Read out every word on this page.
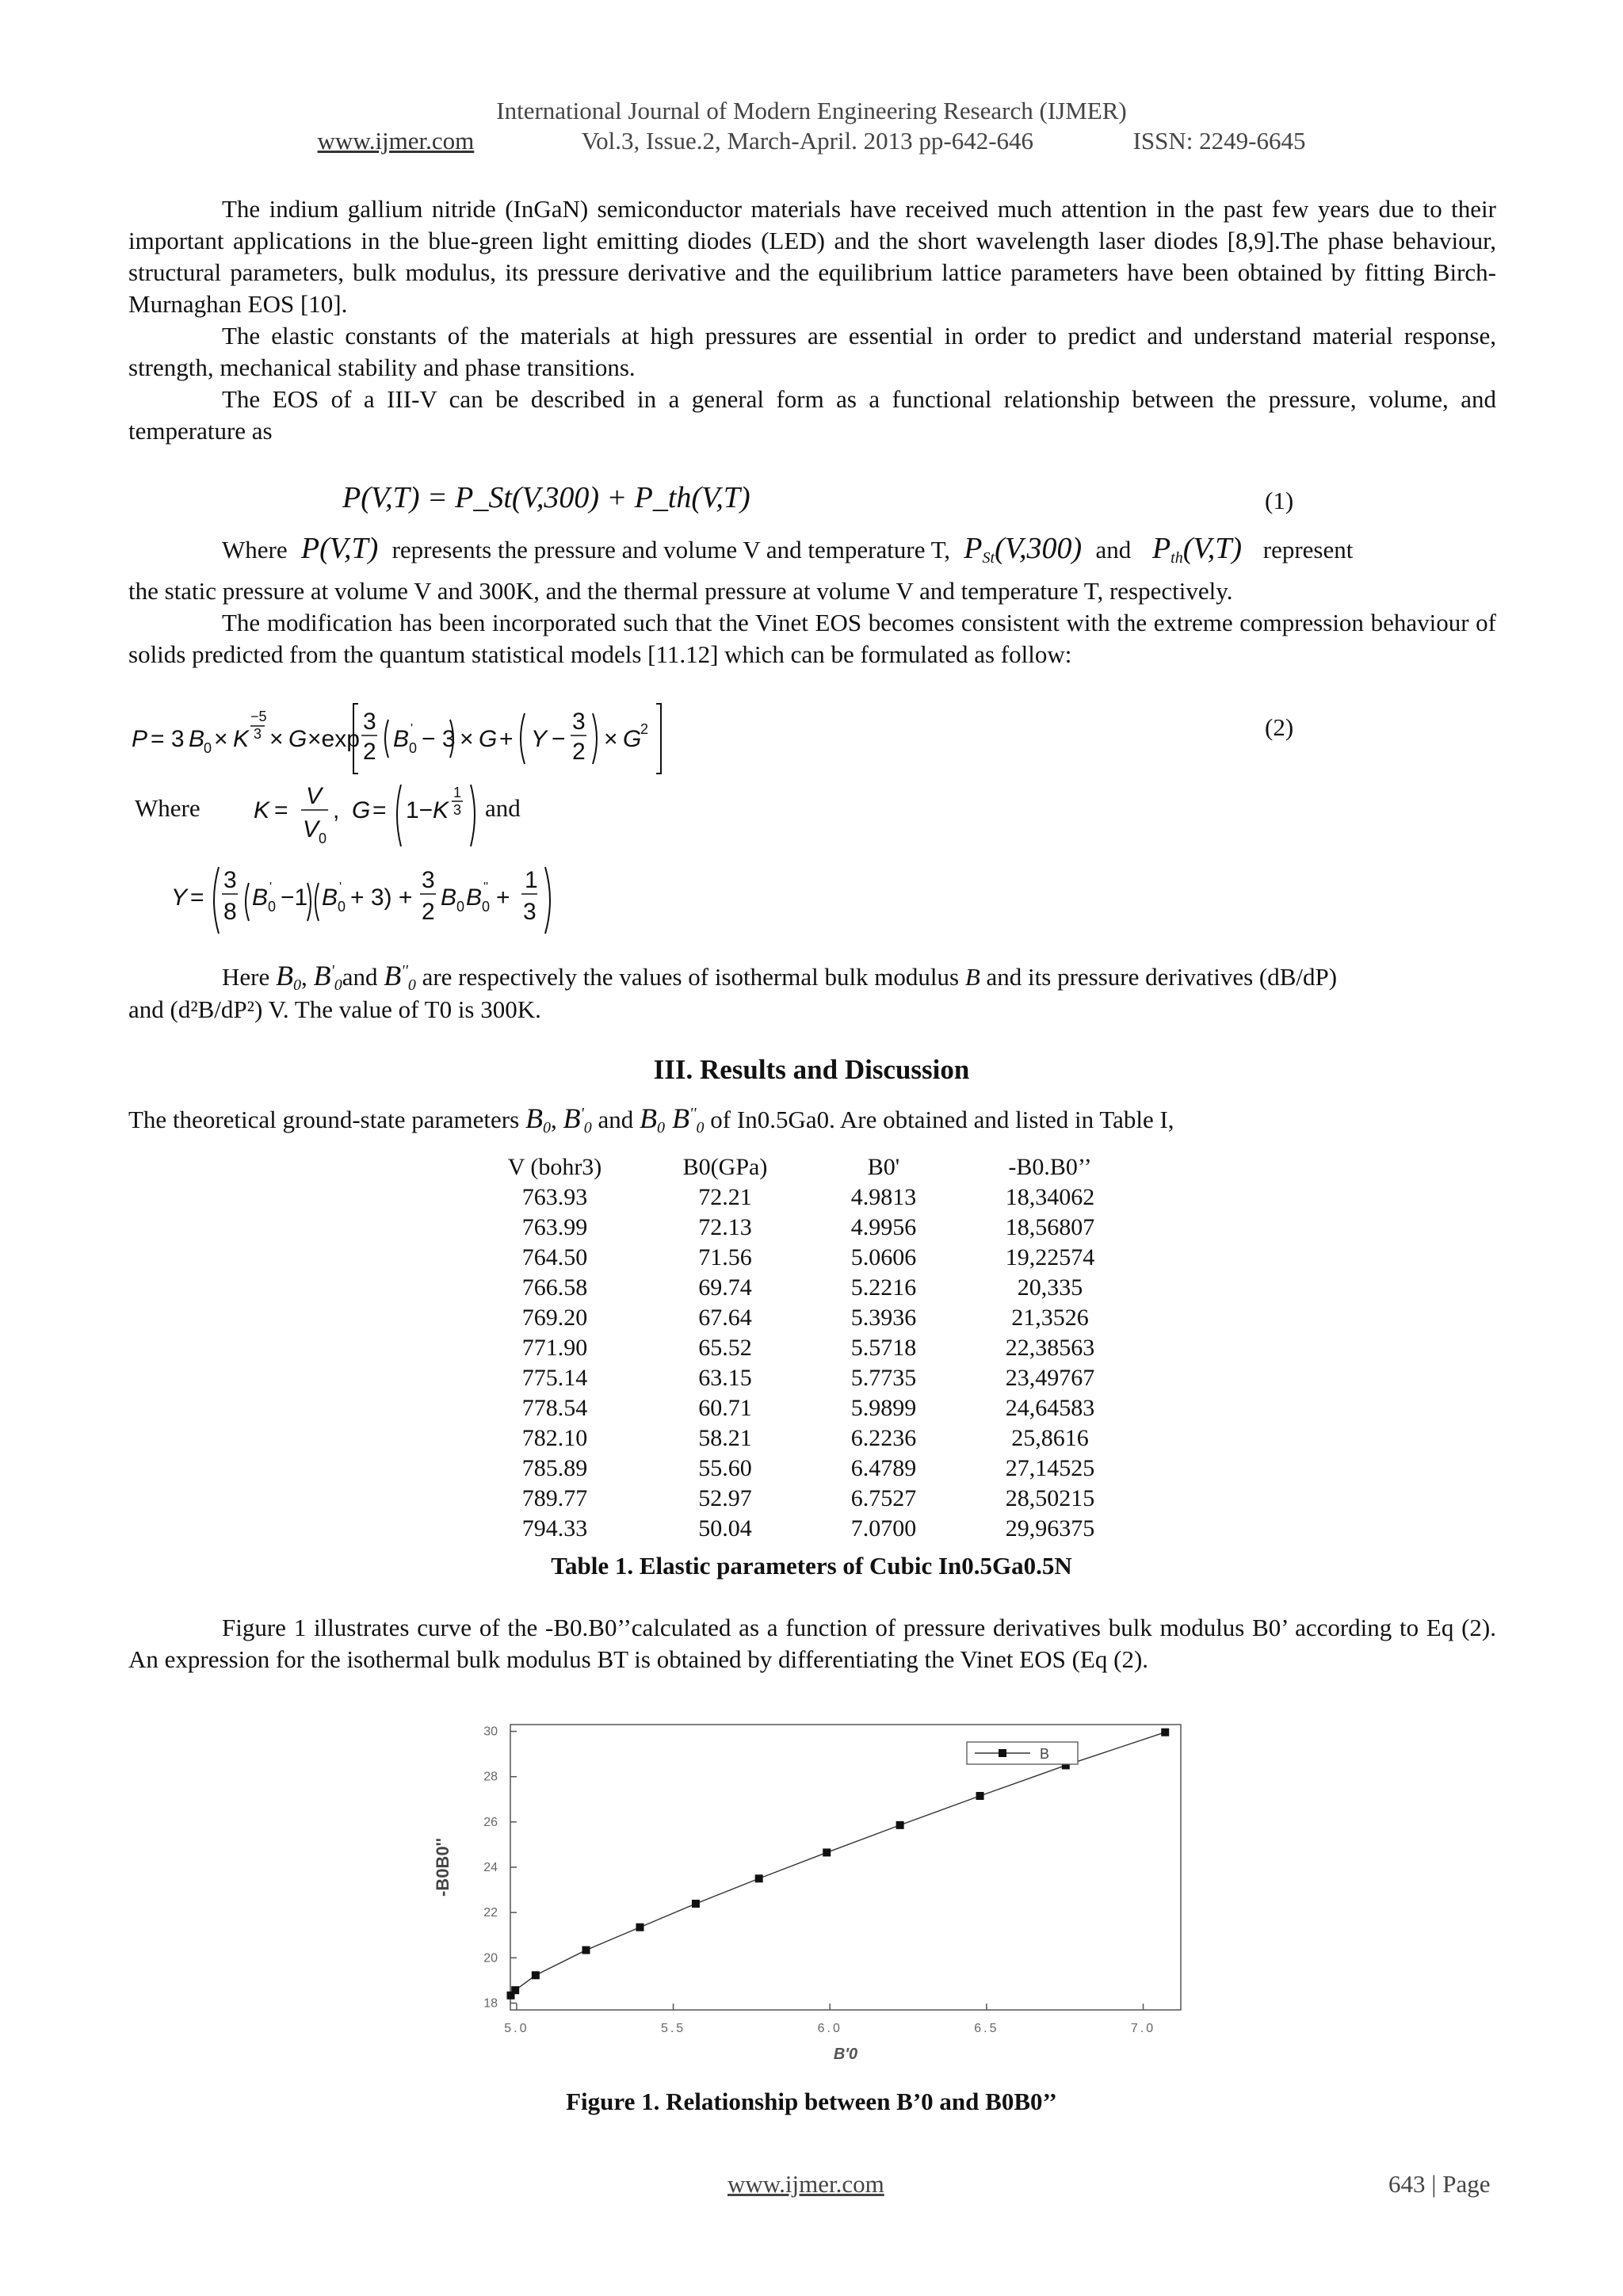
International Journal of Modern Engineering Research (IJMER)
www.ijmer.com	Vol.3, Issue.2, March-April. 2013 pp-642-646	ISSN: 2249-6645
The indium gallium nitride (InGaN) semiconductor materials have received much attention in the past few years due to their important applications in the blue-green light emitting diodes (LED) and the short wavelength laser diodes [8,9].The phase behaviour, structural parameters, bulk modulus, its pressure derivative and the equilibrium lattice parameters have been obtained by fitting Birch-Murnaghan EOS [10].
The elastic constants of the materials at high pressures are essential in order to predict and understand material response, strength, mechanical stability and phase transitions.
The EOS of a III-V can be described in a general form as a functional relationship between the pressure, volume, and temperature as
P(V,T) = P_St(V,300) + P_th(V,T)	(1)
Where  P(V,T)  represents the pressure and volume V and temperature T,  $P_{St}(V,300)$  and   $P_{th}(V,T)$   represent
the static pressure at volume V and 300K, and the thermal pressure at volume V and temperature T, respectively.
The modification has been incorporated such that the Vinet EOS becomes consistent with the extreme compression behaviour of solids predicted from the quantum statistical models [11.12] which can be formulated as follow:
P = 3 B
0 × K
−5
3 × G ×exp
3
2 B 0
' − 3 × G + Y −
3
2 × G
2	(2)
Where K =
V
V 0
, G = 1− K
1
3 and
Y =
3
8
B 0
' −1 B 0
' + 3) +
3
2
B 0 B 0
'' +
1
3
Here $B_0$, $B'_0and$ $B''_0$ are respectively the values of isothermal bulk modulus B and its pressure derivatives (dB/dP)
and (d²B/dP²) V. The value of T0 is 300K.
III. Results and Discussion
The theoretical ground-state parameters $B_0$, $B'_0$ and $B_0$ $B''_0$ of In0.5Ga0. Are obtained and listed in Table I,
V (bohr3)	B0(GPa)	B0'	-B0.B0’’
763.93	72.21	4.9813	18,34062
763.99	72.13	4.9956	18,56807
764.50	71.56	5.0606	19,22574
766.58	69.74	5.2216	20,335
769.20	67.64	5.3936	21,3526
771.90	65.52	5.5718	22,38563
775.14	63.15	5.7735	23,49767
778.54	60.71	5.9899	24,64583
782.10	58.21	6.2236	25,8616
785.89	55.60	6.4789	27,14525
789.77	52.97	6.7527	28,50215
794.33	50.04	7.0700	29,96375
Table 1. Elastic parameters of Cubic In0.5Ga0.5N
Figure 1 illustrates curve of the -B0.B0’’calculated as a function of pressure derivatives bulk modulus B0’ according to Eq (2). An expression for the isothermal bulk modulus BT is obtained by differentiating the Vinet EOS (Eq (2).
5.0	5.5	6.0	6.5	7.0
18
20
22
24
26
28
30
B
B'0
-B0B0''
Figure 1. Relationship between B’0 and B0B0’’
www.ijmer.com	643 | Page
